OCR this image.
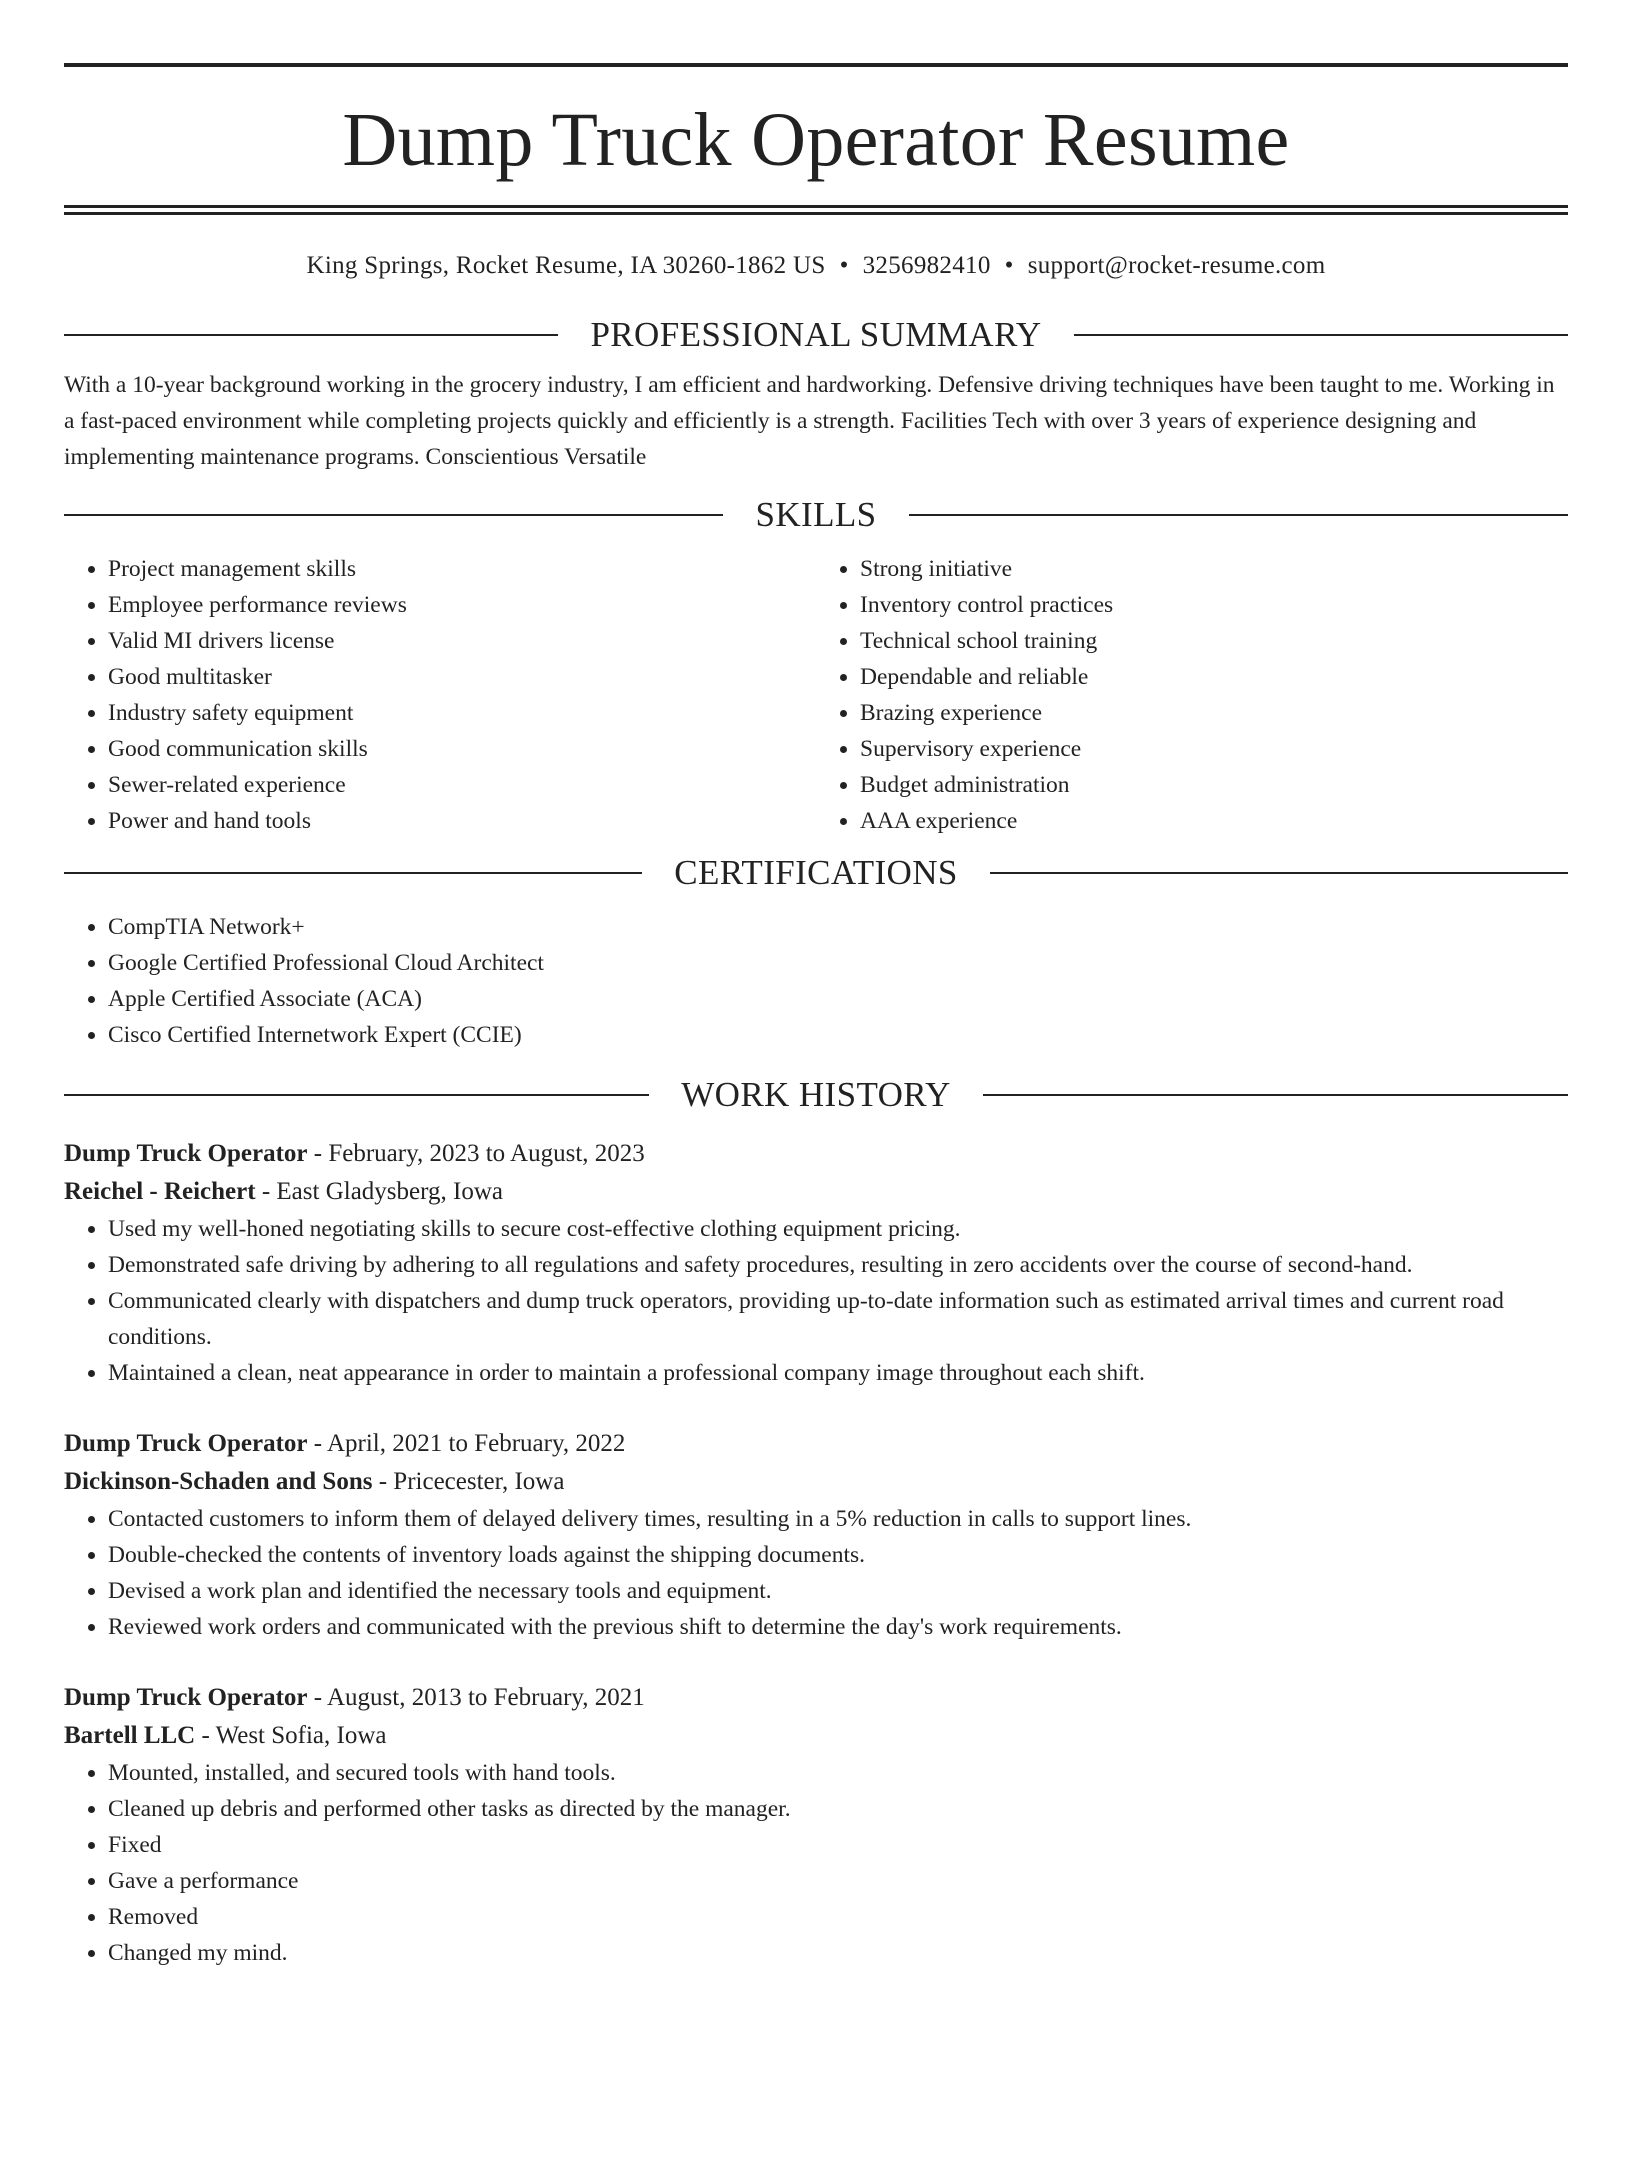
Dump Truck Operator Resume
King Springs, Rocket Resume, IA 30260-1862 US • 3256982410 • support@rocket-resume.com
PROFESSIONAL SUMMARY

With a 10-year background working in the grocery industry, I am efficient and hardworking. Defensive driving techniques have been taught to me. Working in a fast-paced environment while completing projects quickly and efficiently is a strength. Facilities Tech with over 3 years of experience designing and implementing maintenance programs. Conscientious Versatile

SKILLS
• Project management skills
• Employee performance reviews
• Valid MI drivers license
• Good multitasker
• Industry safety equipment
• Good communication skills
• Sewer-related experience
• Power and hand tools
• Strong initiative
• Inventory control practices
• Technical school training
• Dependable and reliable
• Brazing experience
• Supervisory experience
• Budget administration
• AAA experience
CERTIFICATIONS
• CompTIA Network+
• Google Certified Professional Cloud Architect
• Apple Certified Associate (ACA)
• Cisco Certified Internetwork Expert (CCIE)
WORK HISTORY
Dump Truck Operator - February, 2023 to August, 2023
Reichel - Reichert - East Gladysberg, Iowa
• Used my well-honed negotiating skills to secure cost-effective clothing equipment pricing.
• Demonstrated safe driving by adhering to all regulations and safety procedures, resulting in zero accidents over the course of second-hand.
• Communicated clearly with dispatchers and dump truck operators, providing up-to-date information such as estimated arrival times and current road conditions.
• Maintained a clean, neat appearance in order to maintain a professional company image throughout each shift.
Dump Truck Operator - April, 2021 to February, 2022
Dickinson-Schaden and Sons - Pricecester, Iowa
• Contacted customers to inform them of delayed delivery times, resulting in a 5% reduction in calls to support lines.
• Double-checked the contents of inventory loads against the shipping documents.
• Devised a work plan and identified the necessary tools and equipment.
• Reviewed work orders and communicated with the previous shift to determine the day's work requirements.
Dump Truck Operator - August, 2013 to February, 2021
Bartell LLC - West Sofia, Iowa
• Mounted, installed, and secured tools with hand tools.
• Cleaned up debris and performed other tasks as directed by the manager.
• Fixed
• Gave a performance
• Removed
• Changed my mind.
